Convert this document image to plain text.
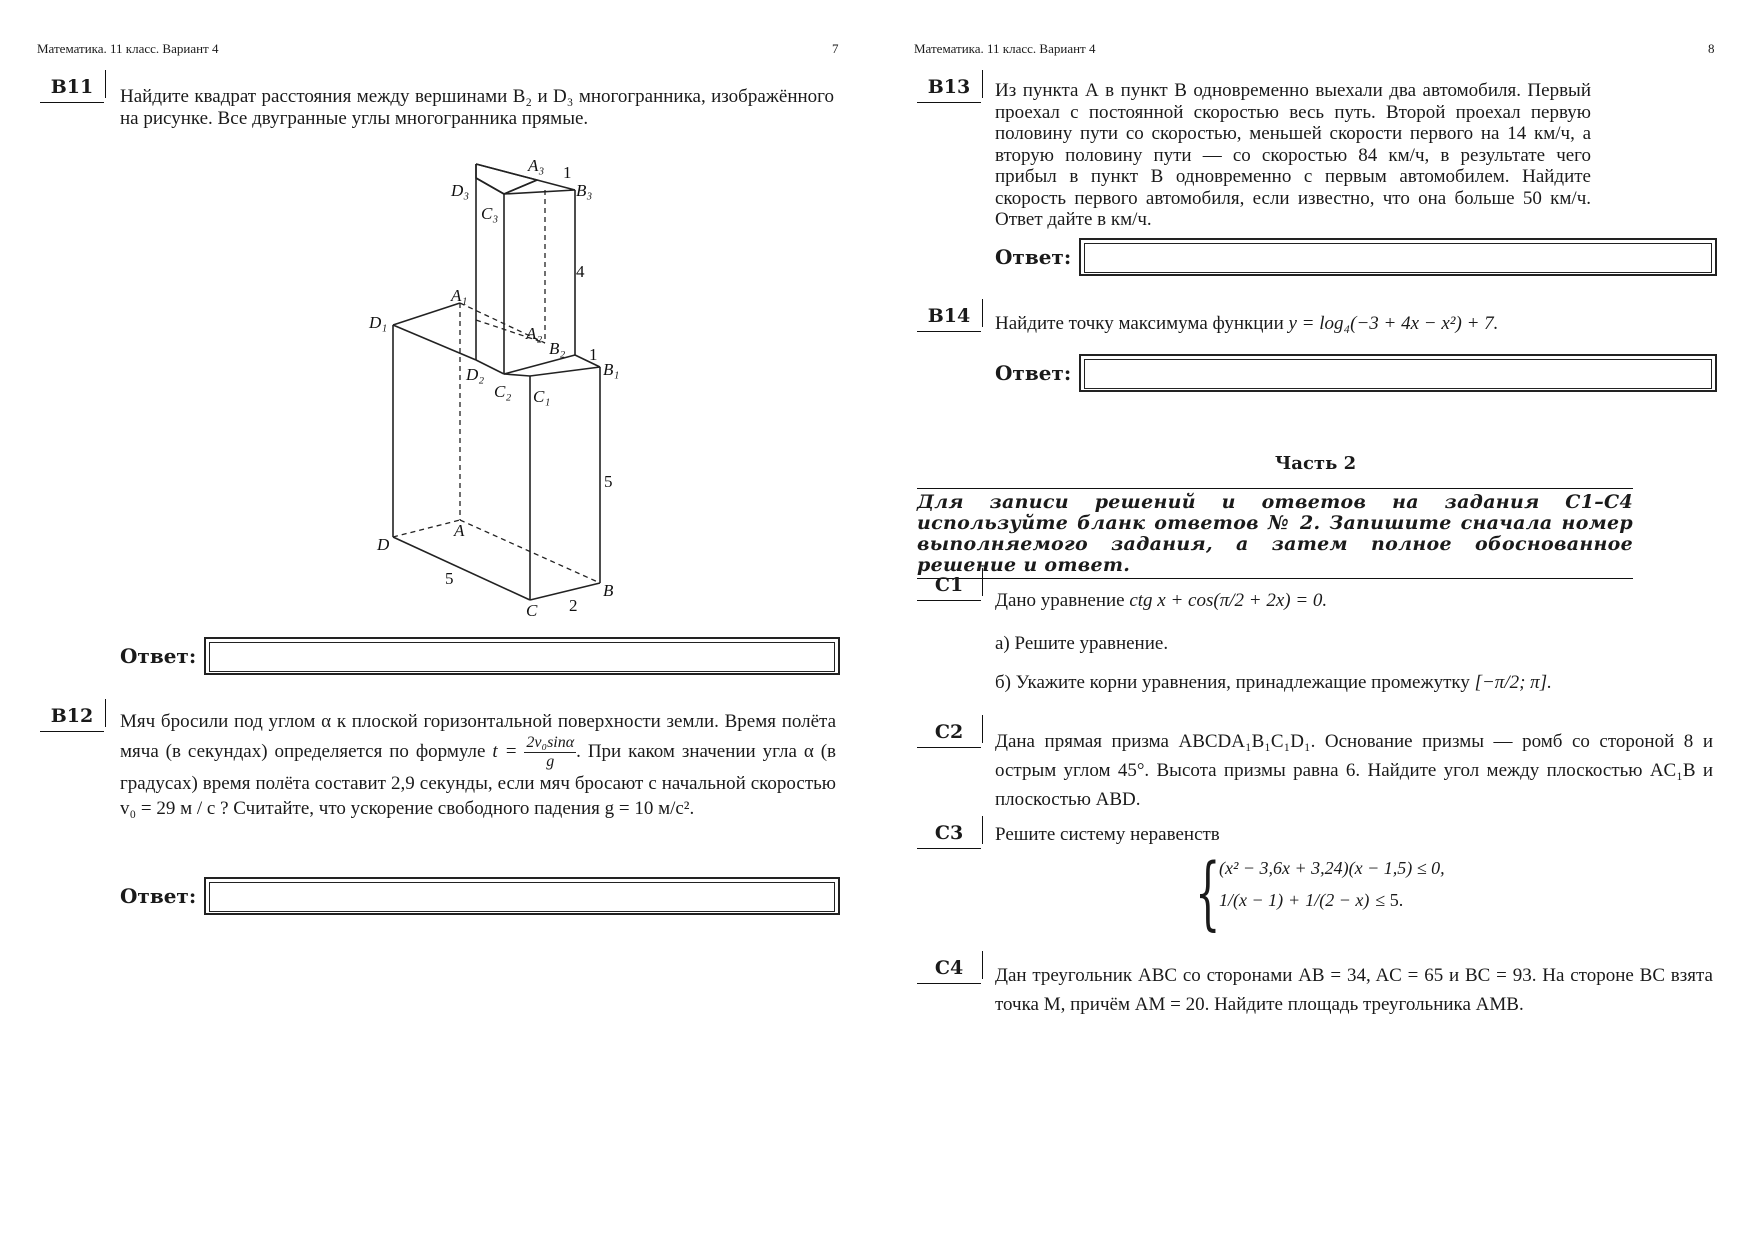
Математика. 11 класс. Вариант 4	7
B11	Найдите квадрат расстояния между вершинами B₂ и D₃ многогранника, изображённого на рисунке. Все двугранные углы многогранника прямые.
A₃
B₃
C₃
D₃
A₁
A₂
B₂
B₁
D₁
D₂
C₂ C₁
D
A
B
C
1
4
1
5
5
2
Ответ:
B12	Мяч бросили под углом α к плоской горизонтальной поверхности земли. Время полёта мяча (в секундах) определяется по формуле $t = \frac{\text{2v₀sinα}}{g}$ . При каком значении угла α (в градусах) время полёта составит 2,9 секунды, если мяч бросают с начальной скоростью v₀ = 29 м / с ? Считайте, что ускорение свободного падения g = 10 м/с².
Ответ:
Математика. 11 класс. Вариант 4	8
B13	Из пункта А в пункт В одновременно выехали два автомобиля. Первый проехал с постоянной скоростью весь путь. Второй проехал первую половину пути со скоростью, меньшей скорости первого на 14 км/ч, а вторую половину пути — со скоростью 84 км/ч, в результате чего прибыл в пункт В одновременно с первым автомобилем. Найдите скорость первого автомобиля, если известно, что она больше 50 км/ч. Ответ дайте в км/ч.
Ответ:
B14	Найдите точку максимума функции y = log₄(−3 + 4x − x²) + 7.
Ответ:
Часть 2
Для записи решений и ответов на задания С1–С4 используйте бланк ответов № 2. Запишите сначала номер выполняемого задания, а затем полное обоснованное решение и ответ.
С1
Дано уравнение ctg x + cos(π/2 + 2x) = 0.
а) Решите уравнение.
б) Укажите корни уравнения, принадлежащие промежутку [−π/2; π].
С2	Дана прямая призма ABCDA₁B₁C₁D₁. Основание призмы — ромб со стороной 8 и острым углом 45°. Высота призмы равна 6. Найдите угол между плоскостью AC₁B и плоскостью ABD.
С3	Решите систему неравенств
{
(x² − 3,6x + 3,24)(x − 1,5) ≤ 0,
1/(x − 1) + 1/(2 − x) ≤ 5.
С4	Дан треугольник ABC со сторонами AB = 34, AC = 65 и BC = 93. На стороне BC взята точка M, причём AM = 20. Найдите площадь треугольника AMB.
